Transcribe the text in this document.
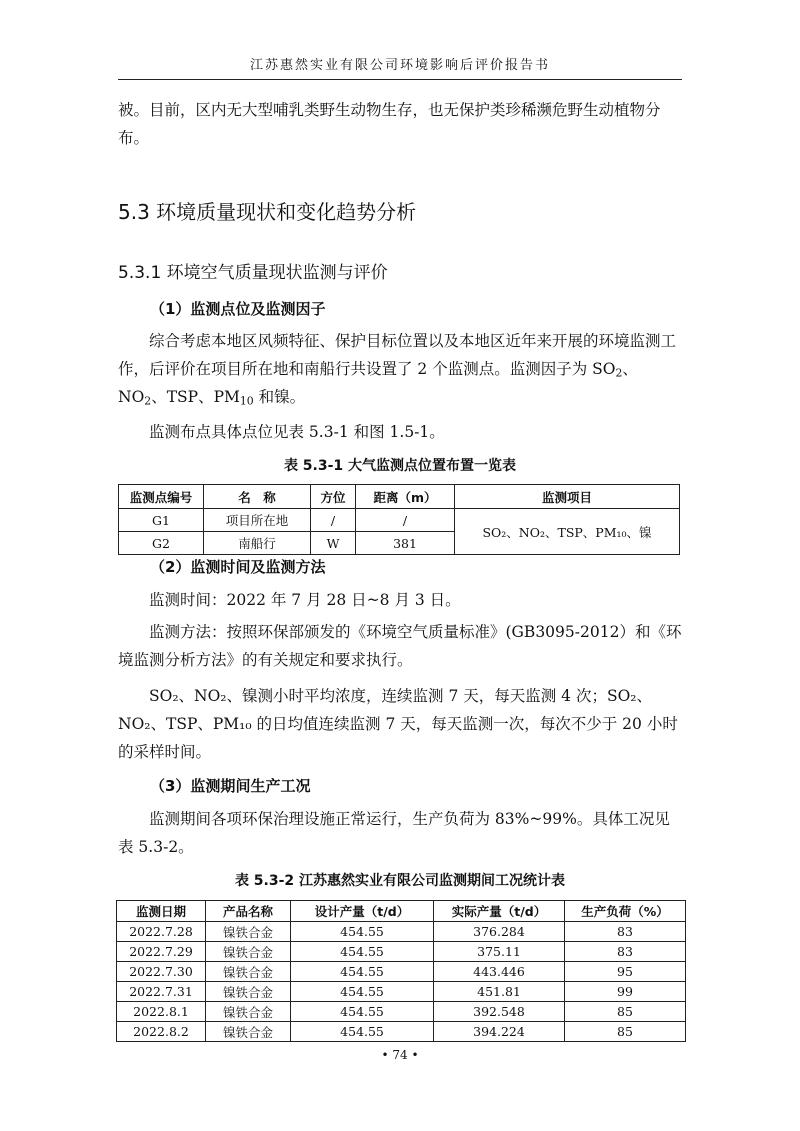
江苏惠然实业有限公司环境影响后评价报告书

被。目前，区内无大型哺乳类野生动物生存，也无保护类珍稀濒危野生动植物分布。

5.3 环境质量现状和变化趋势分析
5.3.1 环境空气质量现状监测与评价
（1）监测点位及监测因子

综合考虑本地区风频特征、保护目标位置以及本地区近年来开展的环境监测工作，后评价在项目所在地和南船行共设置了 2 个监测点。监测因子为 $SO_2$、$NO_2$、TSP、$PM_{10}$ 和镍。

监测布点具体点位见表 5.3-1 和图 1.5-1。

表 5.3-1 大气监测点位置布置一览表
监测点编号	名　称	方位	距离（m）	监测项目
G1	项目所在地	/	/	SO₂、NO₂、TSP、PM₁₀、镍
G2	南船行	W	381	
（2）监测时间及监测方法

监测时间：2022 年 7 月 28 日~8 月 3 日。

监测方法：按照环保部颁发的《环境空气质量标准》(GB3095-2012）和《环境监测分析方法》的有关规定和要求执行。

SO₂、NO₂、镍测小时平均浓度，连续监测 7 天，每天监测 4 次；SO₂、NO₂、TSP、PM₁₀ 的日均值连续监测 7 天，每天监测一次，每次不少于 20 小时的采样时间。

（3）监测期间生产工况

监测期间各项环保治理设施正常运行，生产负荷为 83%~99%。具体工况见表 5.3-2。

表 5.3-2 江苏惠然实业有限公司监测期间工况统计表
监测日期	产品名称	设计产量（t/d）	实际产量（t/d）	生产负荷（%）
2022.7.28	镍铁合金	454.55	376.284	83
2022.7.29	镍铁合金	454.55	375.11	83
2022.7.30	镍铁合金	454.55	443.446	95
2022.7.31	镍铁合金	454.55	451.81	99
2022.8.1	镍铁合金	454.55	392.548	85
2022.8.2	镍铁合金	454.55	394.224	85
• 74 •
